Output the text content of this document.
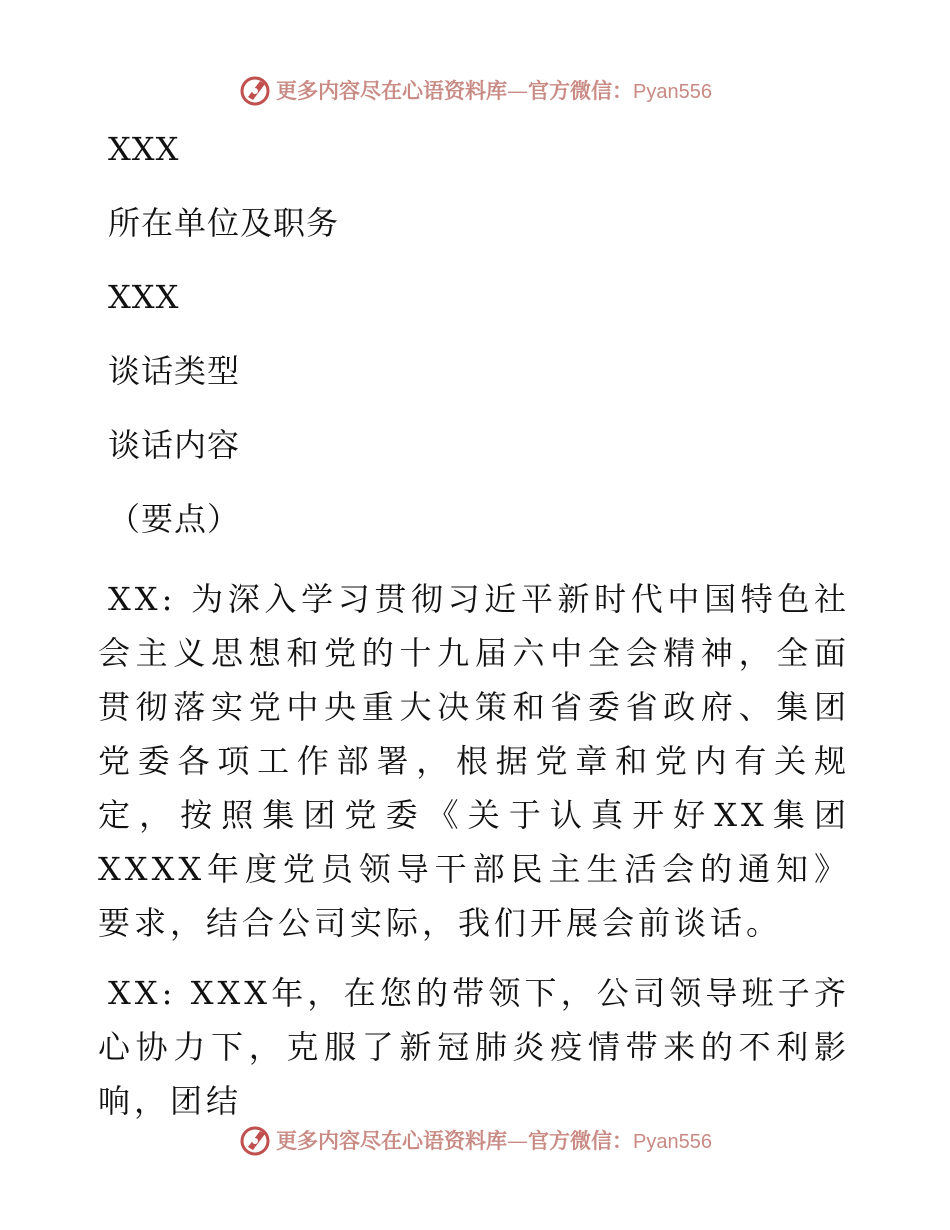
更多内容尽在心语资料库—官方微信：Pyan556
XXX
所在单位及职务
XXX
谈话类型
谈话内容
（要点）

XX: 为深入学习贯彻习近平新时代中国特色社会主义思想和党的十九届六中全会精神，全面贯彻落实党中央重大决策和省委省政府、集团党委各项工作部署，根据党章和党内有关规定，按照集团党委《关于认真开好XX集团XXXX年度党员领导干部民主生活会的通知》要求，结合公司实际，我们开展会前谈话。

XX: XXX年，在您的带领下，公司领导班子齐心协力下，克服了新冠肺炎疫情带来的不利影响，团结

更多内容尽在心语资料库—官方微信：Pyan556
